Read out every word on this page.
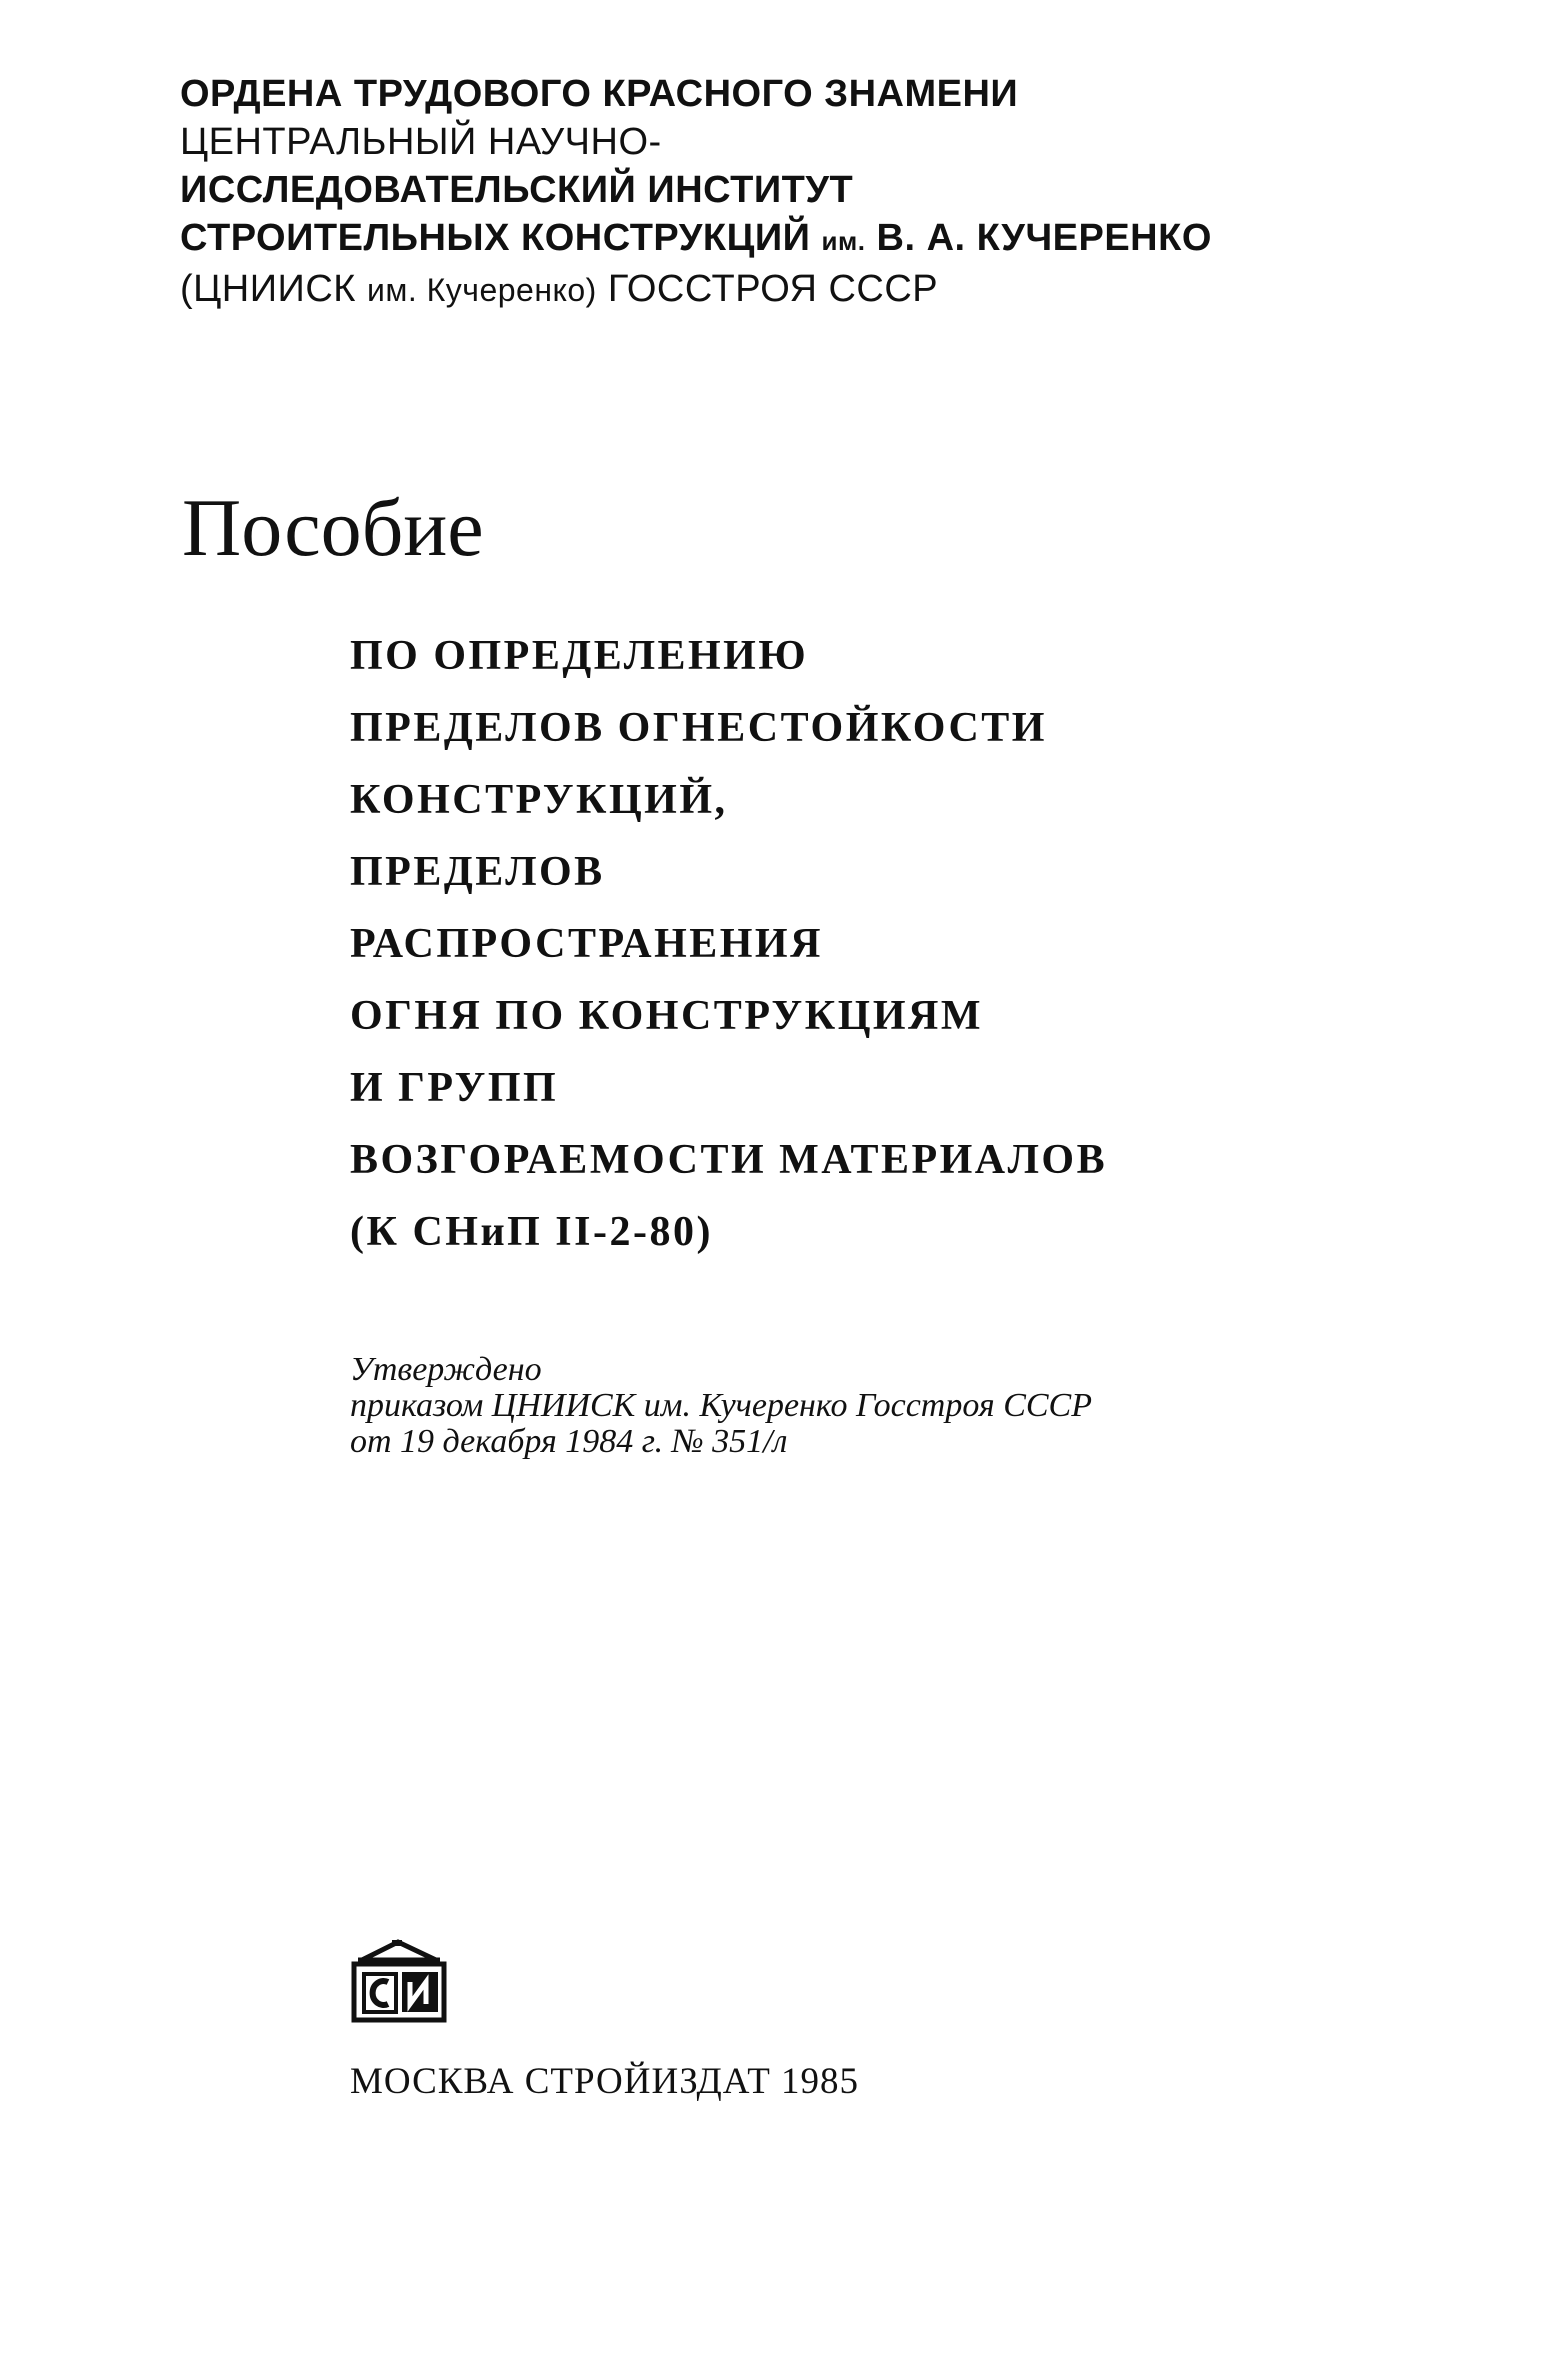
ОРДЕНА ТРУДОВОГО КРАСНОГО ЗНАМЕНИ
ЦЕНТРАЛЬНЫЙ НАУЧНО-
ИССЛЕДОВАТЕЛЬСКИЙ ИНСТИТУТ
СТРОИТЕЛЬНЫХ КОНСТРУКЦИЙ им. В. А. КУЧЕРЕНКО
(ЦНИИСК им. Кучеренко) ГОССТРОЯ СССР
Пособие
ПО ОПРЕДЕЛЕНИЮ
ПРЕДЕЛОВ ОГНЕСТОЙКОСТИ
КОНСТРУКЦИЙ,
ПРЕДЕЛОВ
РАСПРОСТРАНЕНИЯ
ОГНЯ ПО КОНСТРУКЦИЯМ
И ГРУПП
ВОЗГОРАЕМОСТИ МАТЕРИАЛОВ
(К СНиП II-2-80)
Утверждено
приказом ЦНИИСК им. Кучеренко Госстроя СССР
от 19 декабря 1984 г. № 351/л
МОСКВА СТРОЙИЗДАТ 1985
